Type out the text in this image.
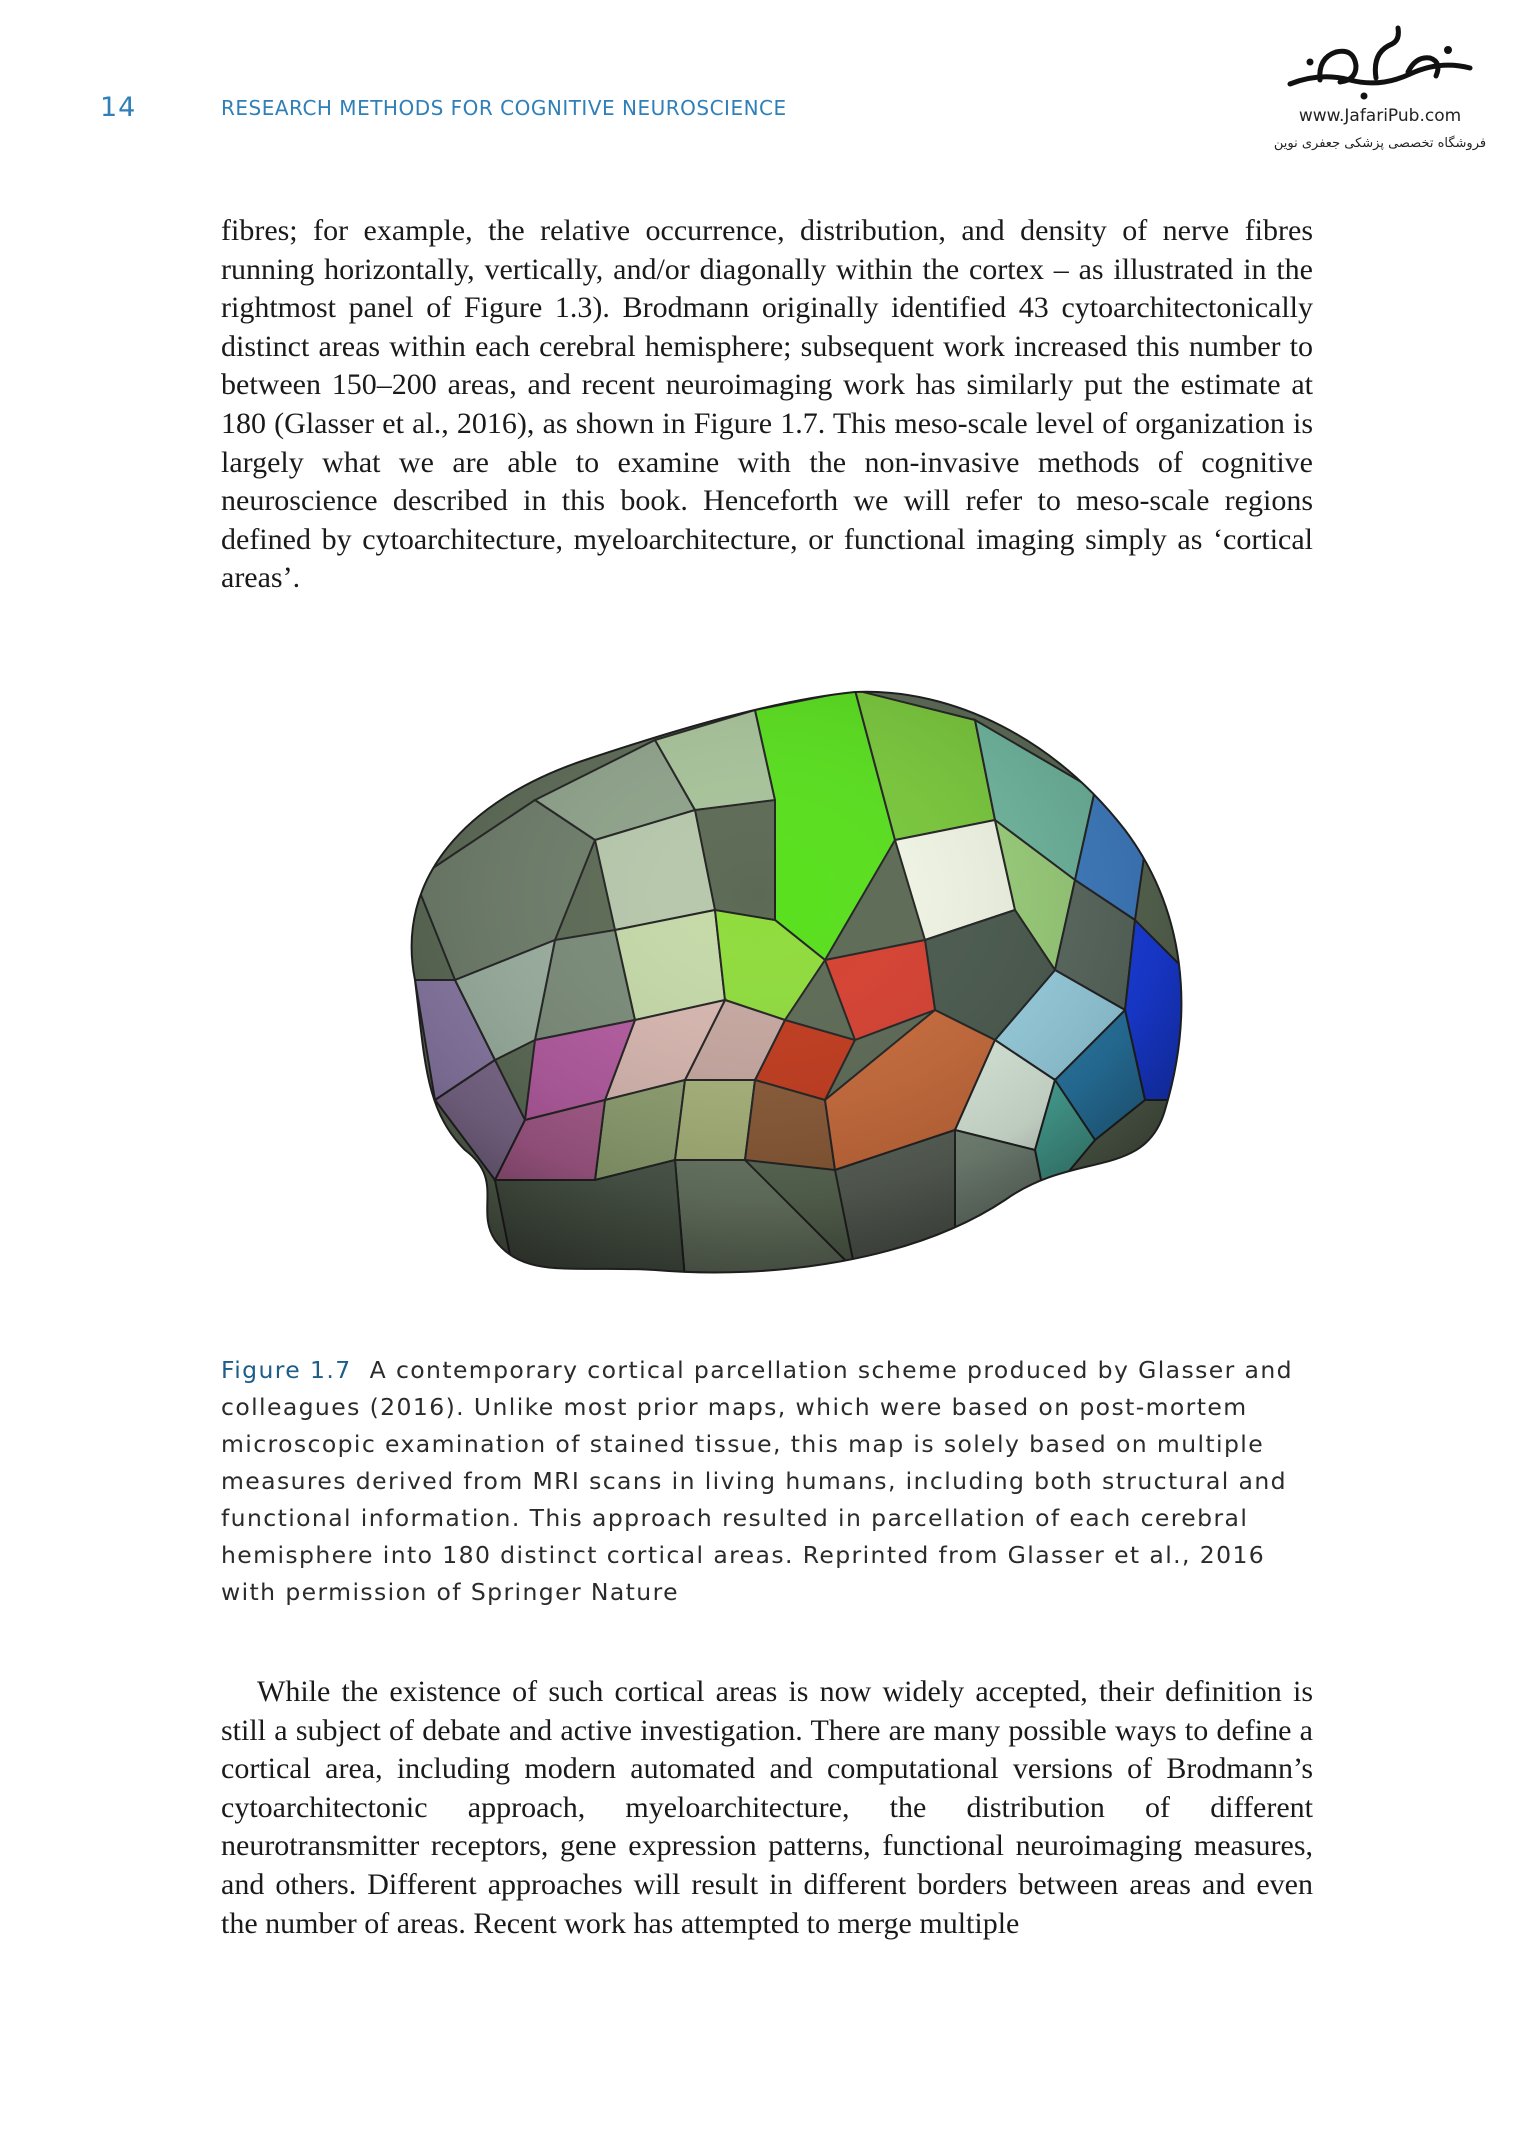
14	RESEARCH METHODS FOR COGNITIVE NEUROSCIENCE	www.JafariPub.com
فروشگاه تخصصی پزشکی جعفری نوین

fibres; for example, the relative occurrence, distribution, and density of nerve fibres running horizontally, vertically, and/or diagonally within the cortex – as illustrated in the rightmost panel of Figure 1.3). Brodmann originally identified 43 cytoarchitectonically distinct areas within each cerebral hemisphere; subsequent work increased this number to between 150–200 areas, and recent neuroimaging work has similarly put the estimate at 180 (Glasser et al., 2016), as shown in Figure 1.7. This meso-scale level of organization is largely what we are able to examine with the non-invasive methods of cognitive neuroscience described in this book. Henceforth we will refer to meso-scale regions defined by cytoarchitecture, myeloarchitecture, or functional imaging simply as ‘cortical areas’.

Figure 1.7 A contemporary cortical parcellation scheme produced by Glasser and colleagues (2016). Unlike most prior maps, which were based on post-mortem microscopic examination of stained tissue, this map is solely based on multiple measures derived from MRI scans in living humans, including both structural and functional information. This approach resulted in parcellation of each cerebral hemisphere into 180 distinct cortical areas. Reprinted from Glasser et al., 2016 with permission of Springer Nature

While the existence of such cortical areas is now widely accepted, their definition is still a subject of debate and active investigation. There are many possible ways to define a cortical area, including modern automated and computational versions of Brodmann’s cytoarchitectonic approach, myeloarchitecture, the distribution of different neurotransmitter receptors, gene expression patterns, functional neuroimaging measures, and others. Different approaches will result in different borders between areas and even the number of areas. Recent work has attempted to merge multiple
